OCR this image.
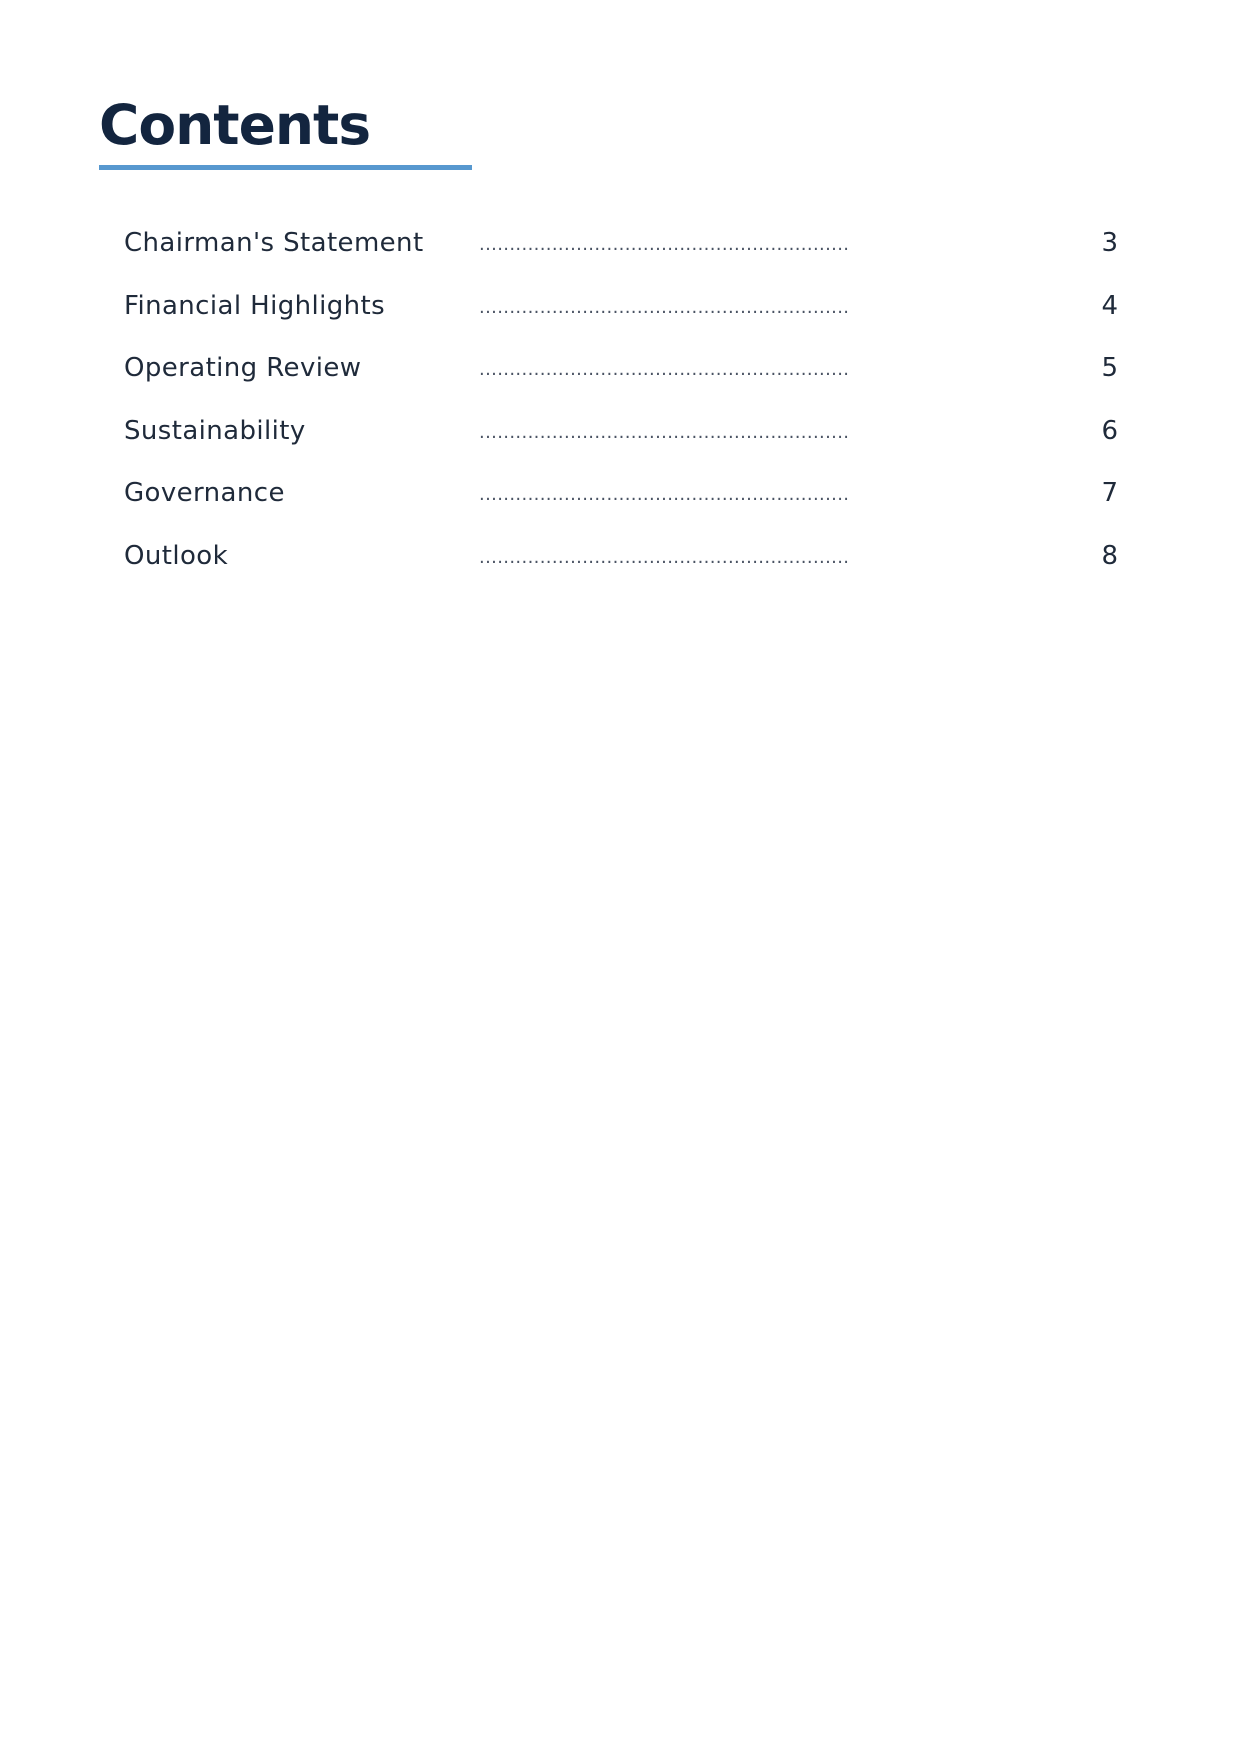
Contents
Chairman's Statement	.............................................................	3
Financial Highlights	.............................................................	4
Operating Review	.............................................................	5
Sustainability	.............................................................	6
Governance	.............................................................	7
Outlook	.............................................................	8
